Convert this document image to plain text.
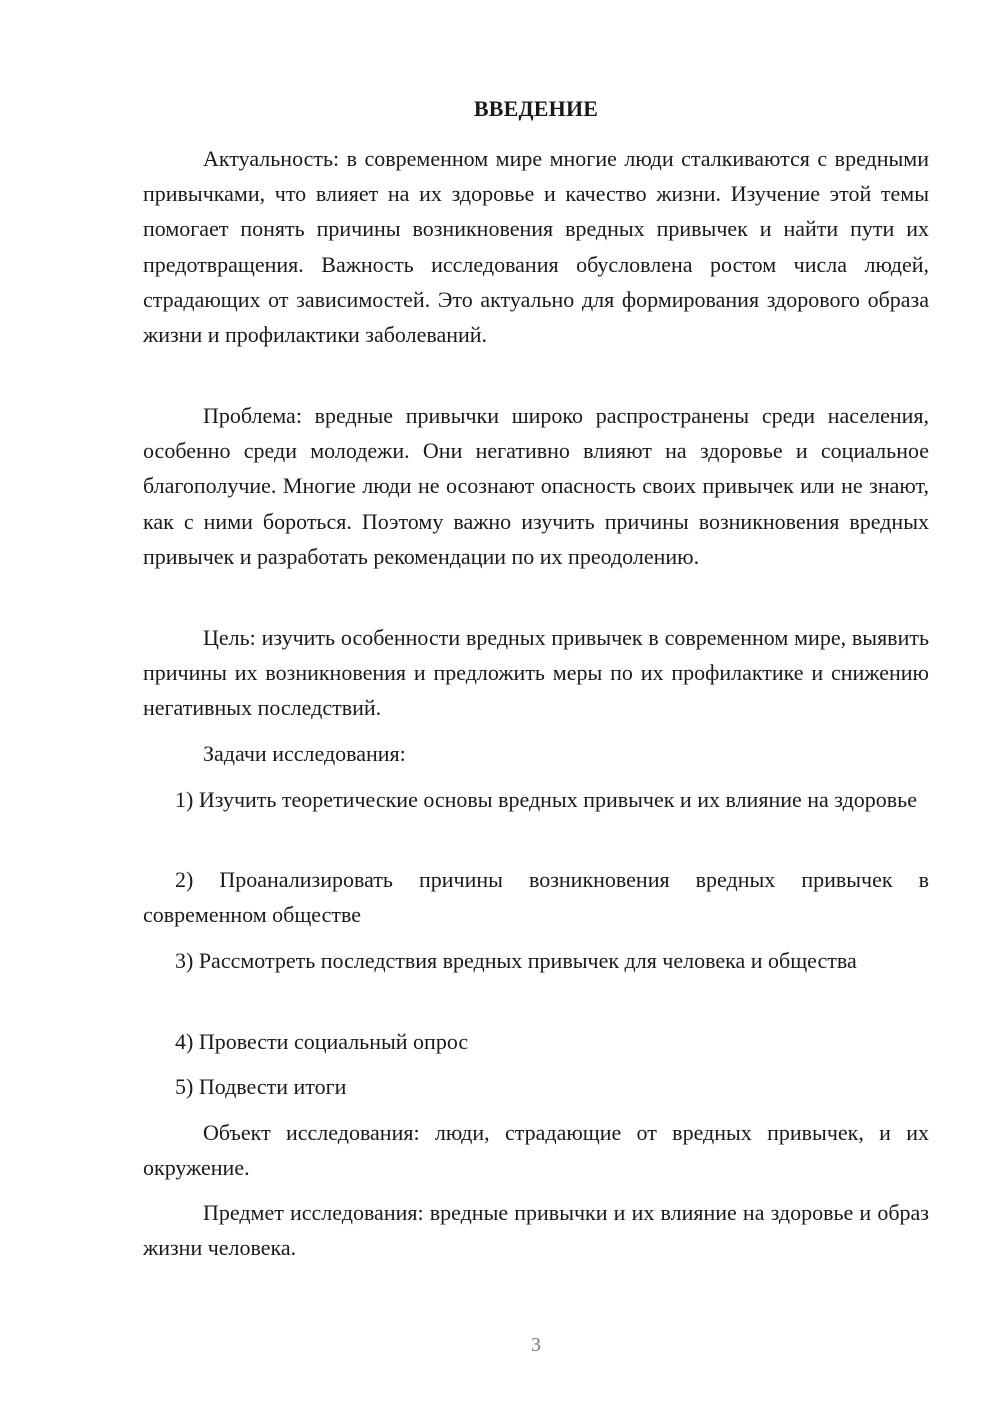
ВВЕДЕНИЕ

Актуальность: в современном мире многие люди сталкиваются с вредными привычками, что влияет на их здоровье и качество жизни. Изучение этой темы помогает понять причины возникновения вредных привычек и найти пути их предотвращения. Важность исследования обусловлена ростом числа людей, страдающих от зависимостей. Это актуально для формирования здорового образа жизни и профилактики заболеваний.

Проблема: вредные привычки широко распространены среди населения, особенно среди молодежи. Они негативно влияют на здоровье и социальное благополучие. Многие люди не осознают опасность своих привычек или не знают, как с ними бороться. Поэтому важно изучить причины возникновения вредных привычек и разработать рекомендации по их преодолению.

Цель: изучить особенности вредных привычек в современном мире, выявить причины их возникновения и предложить меры по их профилактике и снижению негативных последствий.

Задачи исследования:

1) Изучить теоретические основы вредных привычек и их влияние на здоровье

2) Проанализировать причины возникновения вредных привычек в современном обществе

3) Рассмотреть последствия вредных привычек для человека и общества

4) Провести социальный опрос

5) Подвести итоги

Объект исследования: люди, страдающие от вредных привычек, и их окружение.

Предмет исследования: вредные привычки и их влияние на здоровье и образ жизни человека.

3
